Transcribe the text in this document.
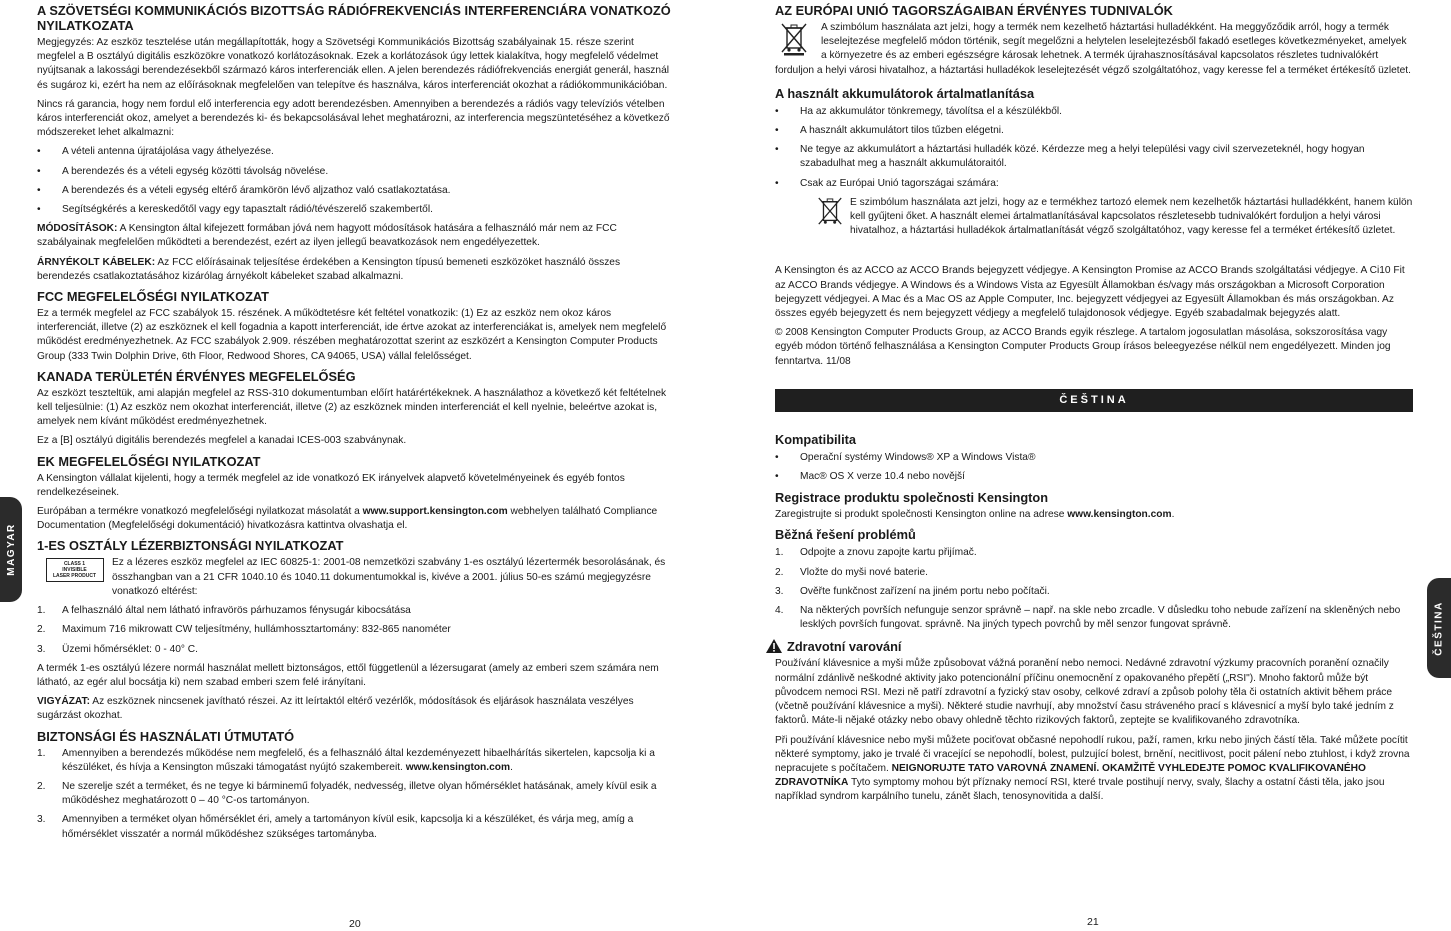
A SZÖVETSÉGI KOMMUNIKÁCIÓS BIZOTTSÁG RÁDIÓFREKVENCIÁS INTERFERENCIÁRA VONATKOZÓ NYILATKOZATA

Megjegyzés: Az eszköz tesztelése után megállapították, hogy a Szövetségi Kommunikációs Bizottság szabályainak 15. része szerint megfelel a B osztályú digitális eszközökre vonatkozó korlátozásoknak. Ezek a korlátozások úgy lettek kialakítva, hogy megfelelő védelmet nyújtsanak a lakossági berendezésekből származó káros interferenciák ellen. A jelen berendezés rádiófrekvenciás energiát generál, használ és sugároz ki, ezért ha nem az előírásoknak megfelelően van telepítve és használva, káros interferenciát okozhat a rádiókommunikációban.

Nincs rá garancia, hogy nem fordul elő interferencia egy adott berendezésben. Amennyiben a berendezés a rádiós vagy televíziós vételben káros interferenciát okoz, amelyet a berendezés ki- és bekapcsolásával lehet meghatározni, az interferencia megszüntetéséhez a következő módszereket lehet alkalmazni:

• A vételi antenna újratájolása vagy áthelyezése.
• A berendezés és a vételi egység közötti távolság növelése.
• A berendezés és a vételi egység eltérő áramkörön lévő aljzathoz való csatlakoztatása.
• Segítségkérés a kereskedőtől vagy egy tapasztalt rádió/tévészerelő szakembertől.

MÓDOSÍTÁSOK: A Kensington által kifejezett formában jóvá nem hagyott módosítások hatására a felhasználó már nem az FCC szabályainak megfelelően működteti a berendezést, ezért az ilyen jellegű beavatkozások nem engedélyezettek.

ÁRNYÉKOLT KÁBELEK: Az FCC előírásainak teljesítése érdekében a Kensington típusú bemeneti eszközöket használó összes berendezés csatlakoztatásához kizárólag árnyékolt kábeleket szabad alkalmazni.

FCC MEGFELELŐSÉGI NYILATKOZAT

Ez a termék megfelel az FCC szabályok 15. részének. A működtetésre két feltétel vonatkozik: (1) Ez az eszköz nem okoz káros interferenciát, illetve (2) az eszköznek el kell fogadnia a kapott interferenciát, ide értve azokat az interferenciákat is, amelyek nem megfelelő működést eredményezhetnek. Az FCC szabályok 2.909. részében meghatározottat szerint az eszközért a Kensington Computer Products Group (333 Twin Dolphin Drive, 6th Floor, Redwood Shores, CA 94065, USA) vállal felelősséget.

KANADA TERÜLETÉN ÉRVÉNYES MEGFELELŐSÉG

Az eszközt teszteltük, ami alapján megfelel az RSS-310 dokumentumban előírt határértékeknek. A használathoz a következő két feltételnek kell teljesülnie: (1) Az eszköz nem okozhat interferenciát, illetve (2) az eszköznek minden interferenciát el kell nyelnie, beleértve azokat is, amelyek nem kívánt működést eredményezhetnek.

Ez a [B] osztályú digitális berendezés megfelel a kanadai ICES-003 szabványnak.

EK MEGFELELŐSÉGI NYILATKOZAT

A Kensington vállalat kijelenti, hogy a termék megfelel az ide vonatkozó EK irányelvek alapvető követelményeinek és egyéb fontos rendelkezéseinek.

Európában a termékre vonatkozó megfelelőségi nyilatkozat másolatát a www.support.kensington.com webhelyen található Compliance Documentation (Megfelelőségi dokumentáció) hivatkozásra kattintva olvashatja el.

1-ES OSZTÁLY LÉZERBIZTONSÁGI NYILATKOZAT
CLASS 1
INVISIBLE
LASER PRODUCT
Ez a lézeres eszköz megfelel az IEC 60825-1: 2001-08 nemzetközi szabvány 1-es osztályú lézertermék besorolásának, és összhangban van a 21 CFR 1040.10 és 1040.11 dokumentumokkal is, kivéve a 2001. július 50-es számú megjegyzésre vonatkozó eltérést:
1. A felhasználó által nem látható infravörös párhuzamos fénysugár kibocsátása
2. Maximum 716 mikrowatt CW teljesítmény, hullámhossztartomány: 832-865 nanométer
3. Üzemi hőmérséklet: 0 - 40° C.

A termék 1-es osztályú lézere normál használat mellett biztonságos, ettől függetlenül a lézersugarat (amely az emberi szem számára nem látható, az egér alul bocsátja ki) nem szabad emberi szem felé irányítani.

VIGYÁZAT: Az eszköznek nincsenek javítható részei. Az itt leírtaktól eltérő vezérlők, módosítások és eljárások használata veszélyes sugárzást okozhat.

BIZTONSÁGI ÉS HASZNÁLATI ÚTMUTATÓ
1. Amennyiben a berendezés működése nem megfelelő, és a felhasználó által kezdeményezett hibaelhárítás sikertelen, kapcsolja ki a készüléket, és hívja a Kensington műszaki támogatást nyújtó szakembereit. www.kensington.com.
2. Ne szerelje szét a terméket, és ne tegye ki bárminemű folyadék, nedvesség, illetve olyan hőmérséklet hatásának, amely kívül esik a működéshez meghatározott 0 – 40 °C-os tartományon.
3. Amennyiben a terméket olyan hőmérséklet éri, amely a tartományon kívül esik, kapcsolja ki a készüléket, és várja meg, amíg a hőmérséklet visszatér a normál működéshez szükséges tartományba.
20
MAGYAR
AZ EURÓPAI UNIÓ TAGORSZÁGAIBAN ÉRVÉNYES TUDNIVALÓK
A szimbólum használata azt jelzi, hogy a termék nem kezelhető háztartási hulladékként. Ha meggyőződik arról, hogy a termék leselejtezése megfelelő módon történik, segít megelőzni a helytelen leselejtezésből fakadó esetleges következményeket, amelyek a környezetre és az emberi egészségre károsak lehetnek. A termék újrahasznosításával kapcsolatos részletes tudnivalókért forduljon a helyi városi hivatalhoz, a háztartási hulladékok leselejtezését végző szolgáltatóhoz, vagy keresse fel a terméket értékesítő üzletet.
A használt akkumulátorok ártalmatlanítása
• Ha az akkumulátor tönkremegy, távolítsa el a készülékből.
• A használt akkumulátort tilos tűzben elégetni.
• Ne tegye az akkumulátort a háztartási hulladék közé. Kérdezze meg a helyi települési vagy civil szervezeteknél, hogy hogyan szabadulhat meg a használt akkumulátoraitól.
• Csak az Európai Unió tagországai számára:
E szimbólum használata azt jelzi, hogy az e termékhez tartozó elemek nem kezelhetők háztartási hulladékként, hanem külön kell gyűjteni őket. A használt elemei ártalmatlanításával kapcsolatos részletesebb tudnivalókért forduljon a helyi városi hivatalhoz, a háztartási hulladékok ártalmatlanítását végző szolgáltatóhoz, vagy keresse fel a terméket értékesítő üzletet.

A Kensington és az ACCO az ACCO Brands bejegyzett védjegye. A Kensington Promise az ACCO Brands szolgáltatási védjegye. A Ci10 Fit az ACCO Brands védjegye. A Windows és a Windows Vista az Egyesült Államokban és/vagy más országokban a Microsoft Corporation bejegyzett védjegyei. A Mac és a Mac OS az Apple Computer, Inc. bejegyzett védjegyei az Egyesült Államokban és más országokban. Az összes egyéb bejegyzett és nem bejegyzett védjegy a megfelelő tulajdonosok védjegye. Egyéb szabadalmak bejegyzés alatt.

© 2008 Kensington Computer Products Group, az ACCO Brands egyik részlege. A tartalom jogosulatlan másolása, sokszorosítása vagy egyéb módon történő felhasználása a Kensington Computer Products Group írásos beleegyezése nélkül nem engedélyezett. Minden jog fenntartva. 11/08

ČEŠTINA
Kompatibilita
• Operační systémy Windows® XP a Windows Vista®
• Mac® OS X verze 10.4 nebo novější
Registrace produktu společnosti Kensington

Zaregistrujte si produkt společnosti Kensington online na adrese www.kensington.com.

Běžná řešení problémů
1. Odpojte a znovu zapojte kartu přijímač.
2. Vložte do myši nové baterie.
3. Ověřte funkčnost zařízení na jiném portu nebo počítači.
4. Na některých površích nefunguje senzor správně – např. na skle nebo zrcadle. V důsledku toho nebude zařízení na skleněných nebo lesklých površích fungovat. správně. Na jiných typech povrchů by měl senzor fungovat správně.
Zdravotní varování

Používání klávesnice a myši může způsobovat vážná poranění nebo nemoci. Nedávné zdravotní výzkumy pracovních poranění označily normální zdánlivě neškodné aktivity jako potencionální příčinu onemocnění z opakovaného přepětí („RSI"). Mnoho faktorů může být původcem nemoci RSI. Mezi ně patří zdravotní a fyzický stav osoby, celkové zdraví a způsob polohy těla či ostatních aktivit během práce (včetně používání klávesnice a myši). Některé studie navrhují, aby množství času stráveného prací s klávesnicí a myší bylo také jedním z faktorů. Máte-li nějaké otázky nebo obavy ohledně těchto rizikových faktorů, zeptejte se kvalifikovaného zdravotníka.

Při používání klávesnice nebo myši můžete pociťovat občasné nepohodlí rukou, paží, ramen, krku nebo jiných částí těla. Také můžete pocítit některé symptomy, jako je trvalé či vracející se nepohodlí, bolest, pulzující bolest, brnění, necitlivost, pocit pálení nebo ztuhlost, i když zrovna nepracujete s počítačem. NEIGNORUJTE TATO VAROVNÁ ZNAMENÍ. OKAMŽITĚ VYHLEDEJTE POMOC KVALIFIKOVANÉHO ZDRAVOTNÍKA Tyto symptomy mohou být příznaky nemocí RSI, které trvale postihují nervy, svaly, šlachy a ostatní části těla, jako jsou například syndrom karpálního tunelu, zánět šlach, tenosynovitida a další.

21
ČEŠTINA
